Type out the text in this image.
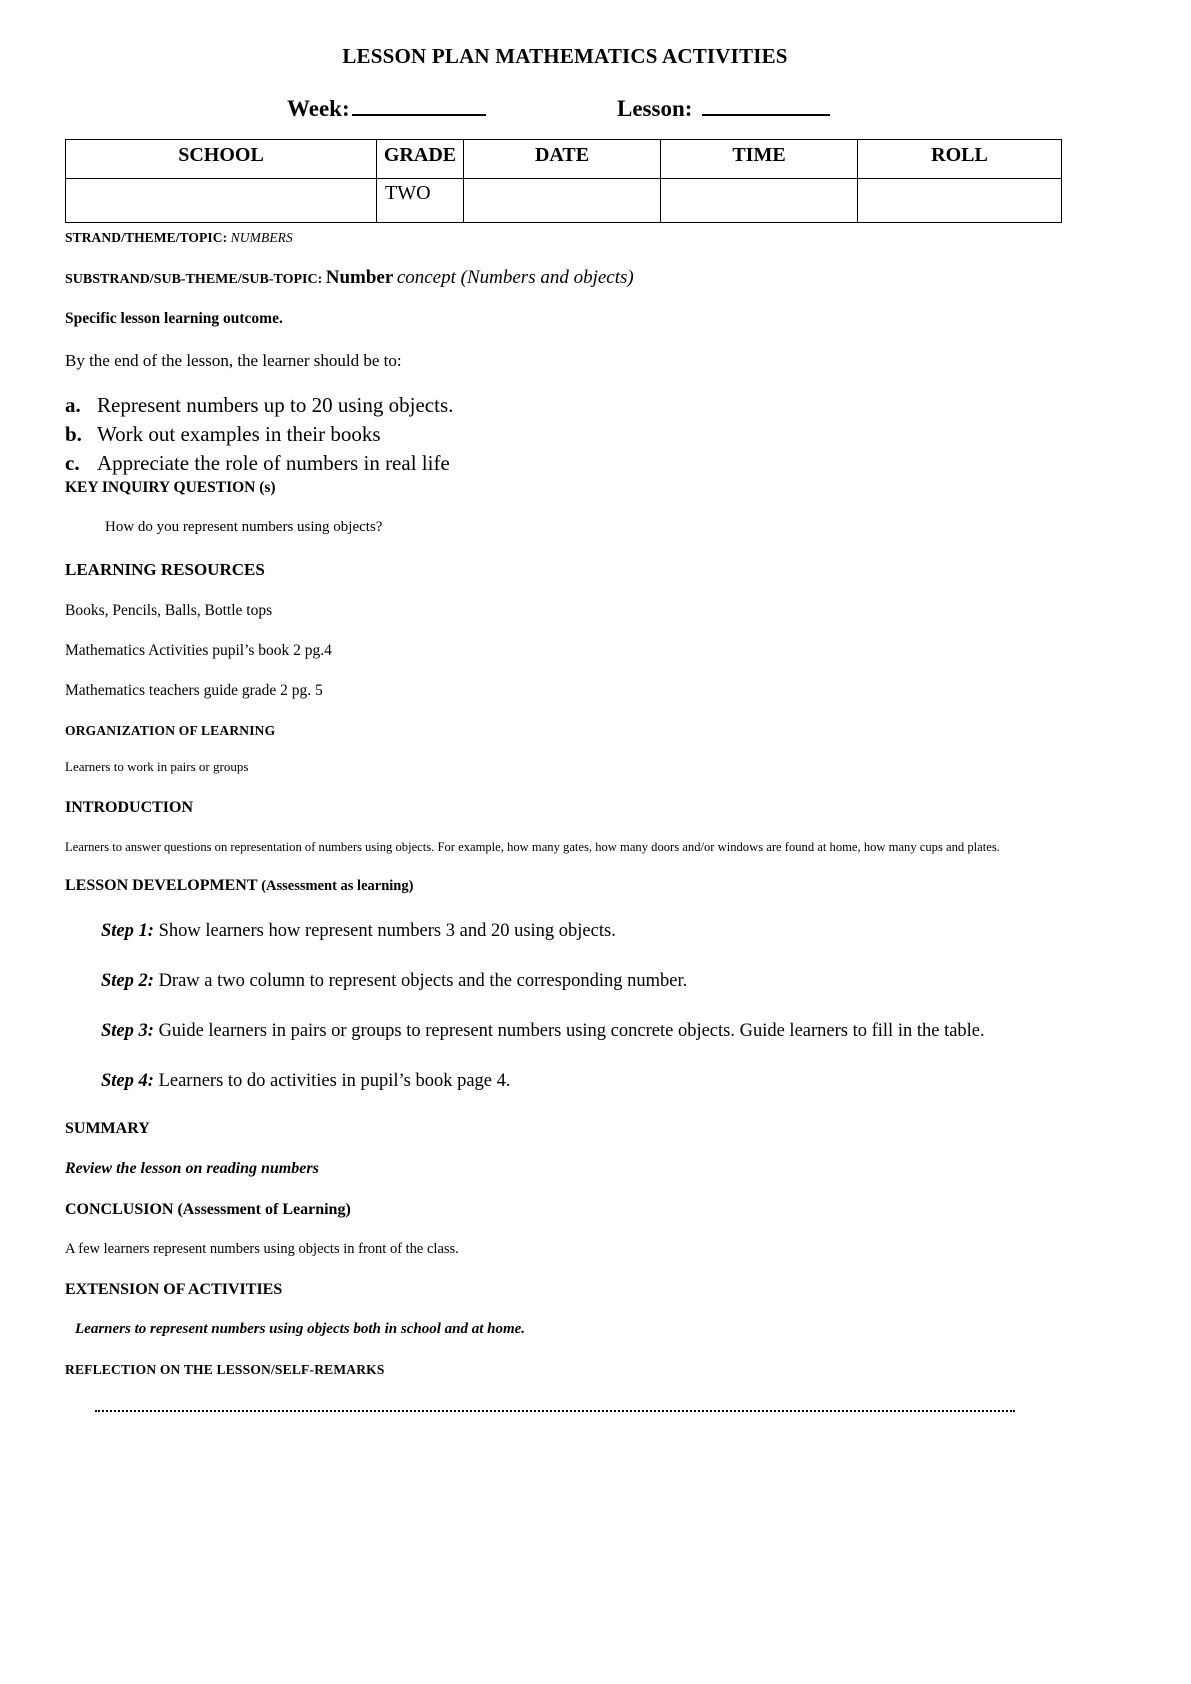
LESSON PLAN MATHEMATICS ACTIVITIES
Week:	Lesson:
SCHOOL	GRADE	DATE	TIME	ROLL
	TWO			
STRAND/THEME/TOPIC: NUMBERS
SUBSTRAND/SUB-THEME/SUB-TOPIC: Number concept (Numbers and objects)
Specific lesson learning outcome.
By the end of the lesson, the learner should be to:
a. Represent numbers up to 20 using objects.
b. Work out examples in their books
c. Appreciate the role of numbers in real life
KEY INQUIRY QUESTION (s)
How do you represent numbers using objects?
LEARNING RESOURCES
Books, Pencils, Balls, Bottle tops
Mathematics Activities pupil’s book 2 pg.4
Mathematics teachers guide grade 2 pg. 5
ORGANIZATION OF LEARNING
Learners to work in pairs or groups
INTRODUCTION
Learners to answer questions on representation of numbers using objects. For example, how many gates, how many doors and/or windows are found at home, how many cups and plates.
LESSON DEVELOPMENT (Assessment as learning)
Step 1: Show learners how represent numbers 3 and 20 using objects.
Step 2: Draw a two column to represent objects and the corresponding number.
Step 3: Guide learners in pairs or groups to represent numbers using concrete objects. Guide learners to fill in the table.
Step 4: Learners to do activities in pupil’s book page 4.
SUMMARY
Review the lesson on reading numbers
CONCLUSION (Assessment of Learning)
A few learners represent numbers using objects in front of the class.
EXTENSION OF ACTIVITIES
Learners to represent numbers using objects both in school and at home.
REFLECTION ON THE LESSON/SELF-REMARKS
